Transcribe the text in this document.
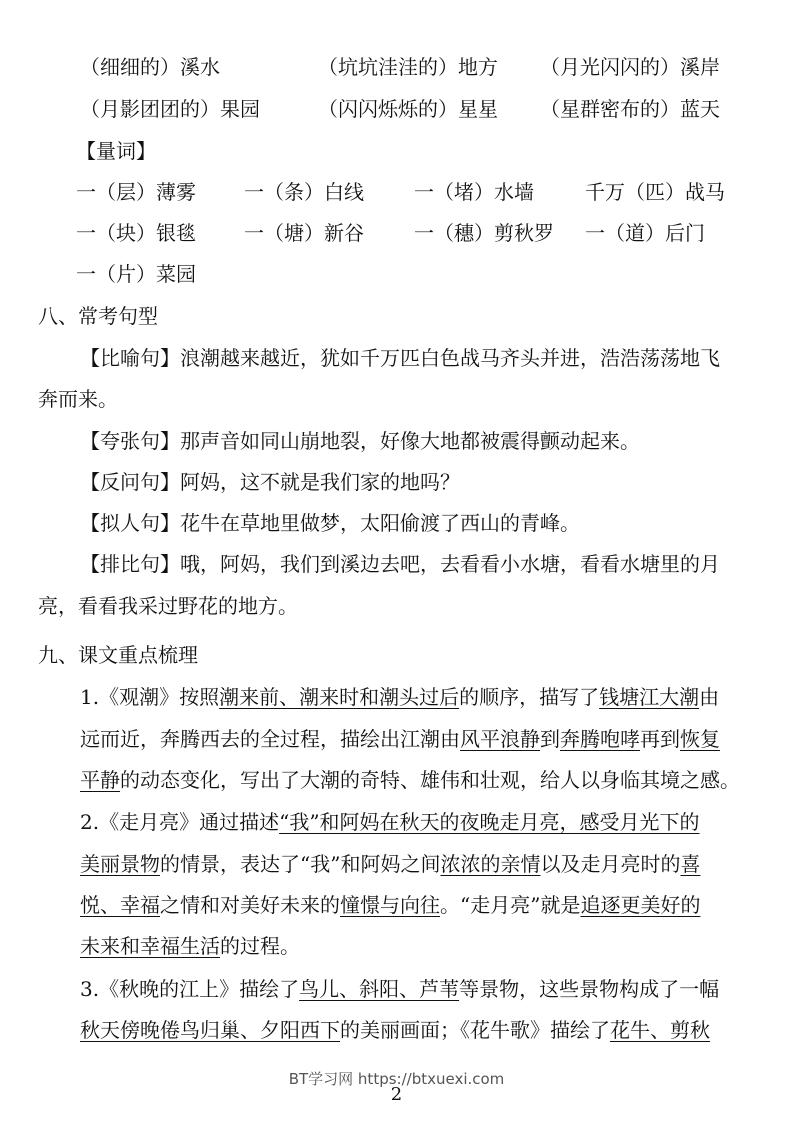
（细细的）溪水	（坑坑洼洼的）地方 （月光闪闪的）溪岸
（月影团团的）果园	（闪闪烁烁的）星星 （星群密布的）蓝天
【量词】
一（层）薄雾 一（条）白线	一（堵）水墙	千万（匹）战马
一（块）银毯 一（塘）新谷	一（穗）剪秋罗 一（道）后门
一（片）菜园
八、常考句型
【比喻句】浪潮越来越近，犹如千万匹白色战马齐头并进，浩浩荡荡地飞
奔而来。
【夸张句】那声音如同山崩地裂，好像大地都被震得颤动起来。
【反问句】阿妈，这不就是我们家的地吗？
【拟人句】花牛在草地里做梦，太阳偷渡了西山的青峰。
【排比句】哦，阿妈，我们到溪边去吧，去看看小水塘，看看水塘里的月
亮，看看我采过野花的地方。
九、课文重点梳理
1.《观潮》按照潮来前、潮来时和潮头过后的顺序，描写了钱塘江大潮由
远而近，奔腾西去的全过程，描绘出江潮由风平浪静到奔腾咆哮再到恢复
平静的动态变化，写出了大潮的奇特、雄伟和壮观，给人以身临其境之感。
2.《走月亮》通过描述“我”和阿妈在秋天的夜晚走月亮，感受月光下的
美丽景物的情景，表达了“我”和阿妈之间浓浓的亲情以及走月亮时的喜
悦、幸福之情和对美好未来的憧憬与向往。“走月亮”就是追逐更美好的
未来和幸福生活的过程。
3.《秋晚的江上》描绘了鸟儿、斜阳、芦苇等景物，这些景物构成了一幅
秋天傍晚倦鸟归巢、夕阳西下的美丽画面；《花牛歌》描绘了花牛、剪秋
BT学习网 https://btxuexi.com
2
